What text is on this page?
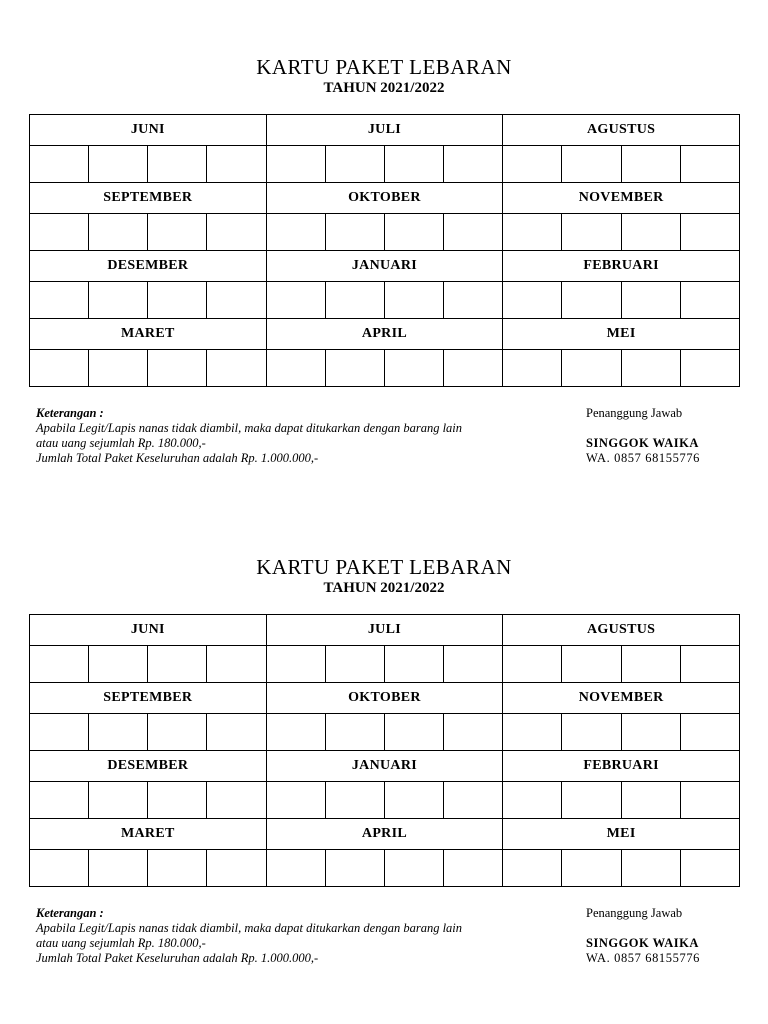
KARTU PAKET LEBARAN
TAHUN 2021/2022
JUNI				JULI				AGUSTUS			

SEPTEMBER				OKTOBER				NOVEMBER			

DESEMBER				JANUARI				FEBRUARI			

MARET				APRIL				MEI			

Keterangan :
Apabila Legit/Lapis nanas tidak diambil, maka dapat ditukarkan dengan barang lain
atau uang sejumlah Rp. 180.000,-
Jumlah Total Paket Keseluruhan adalah Rp. 1.000.000,-
Penanggung Jawab
SINGGOK WAIKA
WA. 0857 68155776
KARTU PAKET LEBARAN
TAHUN 2021/2022
JUNI				JULI				AGUSTUS			

SEPTEMBER				OKTOBER				NOVEMBER			

DESEMBER				JANUARI				FEBRUARI			

MARET				APRIL				MEI			

Keterangan :
Apabila Legit/Lapis nanas tidak diambil, maka dapat ditukarkan dengan barang lain
atau uang sejumlah Rp. 180.000,-
Jumlah Total Paket Keseluruhan adalah Rp. 1.000.000,-
Penanggung Jawab
SINGGOK WAIKA
WA. 0857 68155776
